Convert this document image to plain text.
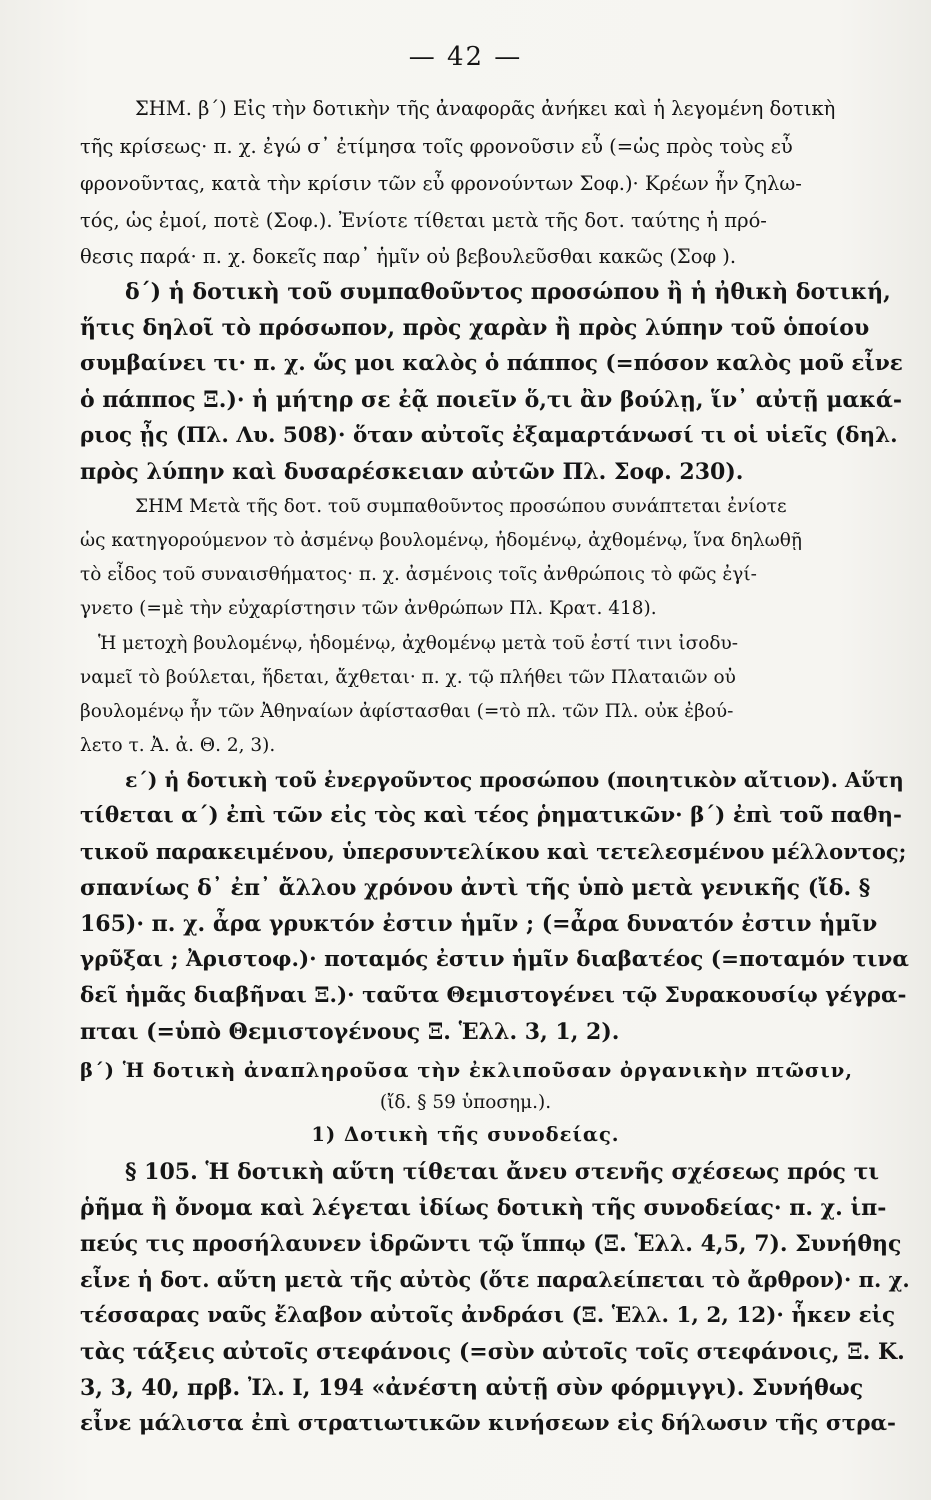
— 42 —
ΣΗΜ. β΄) Εἰς τὴν δοτικὴν τῆς ἀναφορᾶς ἀνήκει καὶ ἡ λεγομένη δοτικὴ
τῆς κρίσεως· π. χ. ἐγώ σ᾽ ἐτίμησα τοῖς φρονοῦσιν εὖ (=ὡς πρὸς τοὺς εὖ
φρονοῦντας, κατὰ τὴν κρίσιν τῶν εὖ φρονούντων Σοφ.)· Κρέων ἦν ζηλω-
τός, ὡς ἐμοί, ποτὲ (Σοφ.). Ἐνίοτε τίθεται μετὰ τῆς δοτ. ταύτης ἡ πρό-
θεσις παρά· π. χ. δοκεῖς παρ᾽ ἡμῖν οὐ βεβουλεῦσθαι κακῶς (Σοφ ).
δ΄) ἡ δοτικὴ τοῦ συμπαθοῦντος προσώπου ἢ ἡ ἠθικὴ δοτική,
ἥτις δηλοῖ τὸ πρόσωπον, πρὸς χαρὰν ἢ πρὸς λύπην τοῦ ὁποίου
συμβαίνει τι· π. χ. ὥς μοι καλὸς ὁ πάππος (=πόσον καλὸς μοῦ εἶνε
ὁ πάππος Ξ.)· ἡ μήτηρ σε ἐᾷ ποιεῖν ὅ,τι ἂν βούλῃ, ἵν᾽ αὐτῇ μακά-
ριος ᾖς (Πλ. Λυ. 508)· ὅταν αὐτοῖς ἐξαμαρτάνωσί τι οἱ υἱεῖς (δηλ.
πρὸς λύπην καὶ δυσαρέσκειαν αὐτῶν Πλ. Σοφ. 230).
ΣΗΜ Μετὰ τῆς δοτ. τοῦ συμπαθοῦντος προσώπου συνάπτεται ἐνίοτε
ὡς κατηγορούμενον τὸ ἀσμένῳ βουλομένῳ, ἡδομένῳ, ἀχθομένῳ, ἵνα δηλωθῇ
τὸ εἶδος τοῦ συναισθήματος· π. χ. ἀσμένοις τοῖς ἀνθρώποις τὸ φῶς ἐγί-
γνετο (=μὲ τὴν εὐχαρίστησιν τῶν ἀνθρώπων Πλ. Κρατ. 418).
Ἡ μετοχὴ βουλομένῳ, ἡδομένῳ, ἀχθομένῳ μετὰ τοῦ ἐστί τινι ἰσοδυ-
ναμεῖ τὸ βούλεται, ἥδεται, ἄχθεται· π. χ. τῷ πλήθει τῶν Πλαταιῶν οὐ
βουλομένῳ ἦν τῶν Ἀθηναίων ἀφίστασθαι (=τὸ πλ. τῶν Πλ. οὐκ ἐβού-
λετο τ. Ἀ. ἀ. Θ. 2, 3).
ε΄) ἡ δοτικὴ τοῦ ἐνεργοῦντος προσώπου (ποιητικὸν αἴτιον). Αὕτη
τίθεται α΄) ἐπὶ τῶν εἰς τὸς καὶ τέος ῥηματικῶν· β΄) ἐπὶ τοῦ παθη-
τικοῦ παρακειμένου, ὑπερσυντελίκου καὶ τετελεσμένου μέλλοντος;
σπανίως δ᾽ ἐπ᾽ ἄλλου χρόνου ἀντὶ τῆς ὑπὸ μετὰ γενικῆς (ἴδ. §
165)· π. χ. ἆρα γρυκτόν ἐστιν ἡμῖν ; (=ἆρα δυνατόν ἐστιν ἡμῖν
γρῦξαι ; Ἀριστοφ.)· ποταμός ἐστιν ἡμῖν διαβατέος (=ποταμόν τινα
δεῖ ἡμᾶς διαβῆναι Ξ.)· ταῦτα Θεμιστογένει τῷ Συρακουσίῳ γέγρα-
πται (=ὑπὸ Θεμιστογένους Ξ. Ἑλλ. 3, 1, 2).
β΄) Ἡ δοτικὴ ἀναπληροῦσα τὴν ἐκλιποῦσαν ὀργανικὴν πτῶσιν,
(ἴδ. § 59 ὑποσημ.).
1) Δοτικὴ τῆς συνοδείας.
§ 105. Ἡ δοτικὴ αὕτη τίθεται ἄνευ στενῆς σχέσεως πρός τι
ῥῆμα ἢ ὄνομα καὶ λέγεται ἰδίως δοτικὴ τῆς συνοδείας· π. χ. ἱπ-
πεύς τις προσήλαυνεν ἱδρῶντι τῷ ἵππῳ (Ξ. Ἑλλ. 4,5, 7). Συνήθης
εἶνε ἡ δοτ. αὕτη μετὰ τῆς αὐτὸς (ὅτε παραλείπεται τὸ ἄρθρον)· π. χ.
τέσσαρας ναῦς ἔλαβον αὐτοῖς ἀνδράσι (Ξ. Ἑλλ. 1, 2, 12)· ἧκεν εἰς
τὰς τάξεις αὐτοῖς στεφάνοις (=σὺν αὐτοῖς τοῖς στεφάνοις, Ξ. Κ.
3, 3, 40, πρβ. Ἰλ. Ι, 194 «ἀνέστη αὐτῇ σὺν φόρμιγγι). Συνήθως
εἶνε μάλιστα ἐπὶ στρατιωτικῶν κινήσεων εἰς δήλωσιν τῆς στρα-
